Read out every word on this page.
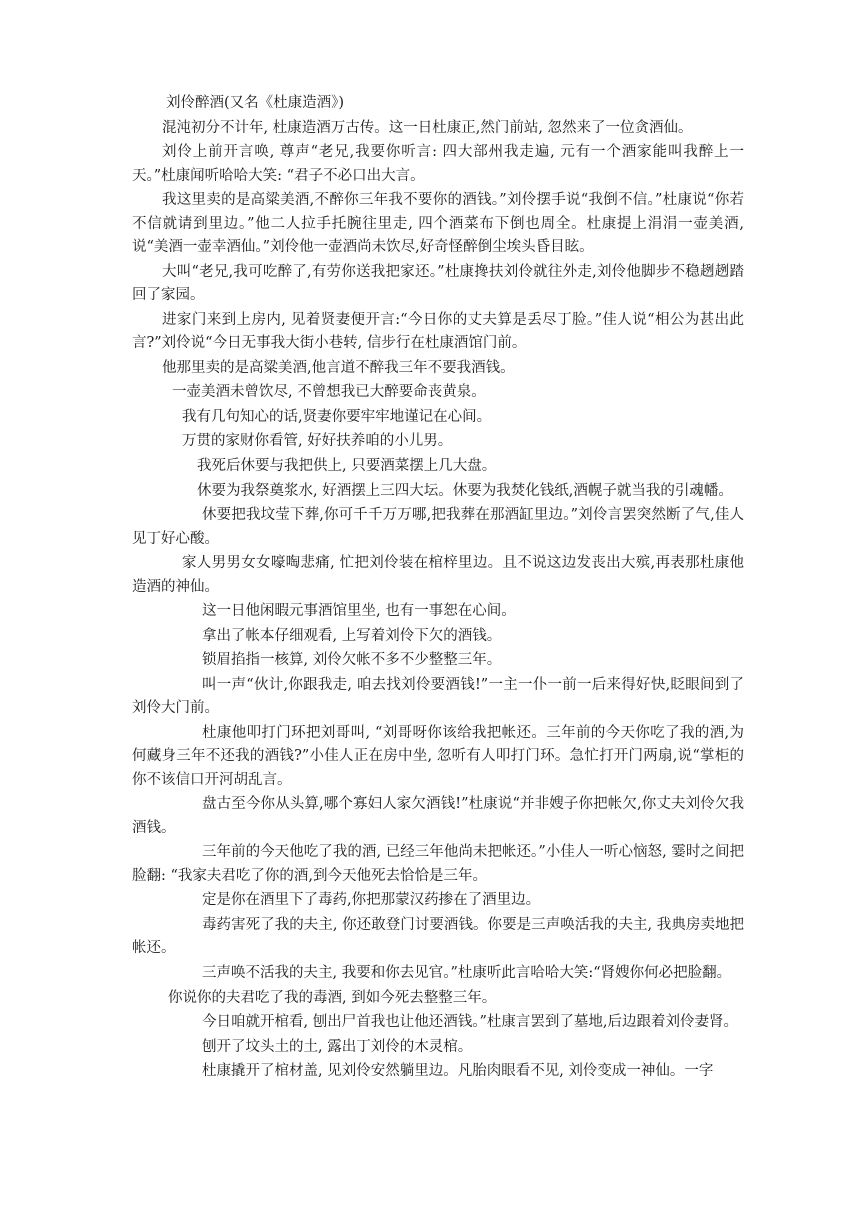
刘伶醉酒(又名《杜康造酒》)
混沌初分不计年, 杜康造酒万古传。这一日杜康正,然门前站, 忽然来了一位贪酒仙。
刘伶上前开言唤, 尊声“老兄,我要你听言: 四大部州我走遍, 元有一个酒家能叫我醉上一天。”杜康闻听哈哈大笑: “君子不必口出大言。
我这里卖的是高粱美酒,不醉你三年我不要你的酒钱。”刘伶摆手说“我倒不信。”杜康说“你若不信就请到里边。”他二人拉手托腕往里走, 四个酒菜布下倒也周全。杜康提上涓涓一壶美酒, 说“美酒一壶幸酒仙。”刘伶他一壶酒尚未饮尽,好奇怪醉倒尘埃头昏目眩。
大叫“老兄,我可吃醉了,有劳你送我把家还。”杜康搀扶刘伶就往外走,刘伶他脚步不稳趔趔踏回了家园。
进家门来到上房内, 见着贤妻便开言:“今日你的丈夫算是丢尽丁脸。”佳人说“相公为甚出此言?”刘伶说“今日无事我大街小巷转, 信步行在杜康酒馆门前。
他那里卖的是高粱美酒,他言道不醉我三年不要我酒钱。
一壶美酒未曾饮尽, 不曾想我已大醉要命丧黄泉。
我有几句知心的话,贤妻你要牢牢地谨记在心间。
万贯的家财你看管, 好好扶养咱的小儿男。
我死后休要与我把供上, 只要酒菜摆上几大盘。
休要为我祭奠浆水, 好酒摆上三四大坛。休要为我焚化钱纸,酒幌子就当我的引魂幡。
休要把我坟莹下葬,你可千千万万哪,把我葬在那酒缸里边。”刘伶言罢突然断了气,佳人见丁好心酸。
家人男男女女嚎啕悲痛, 忙把刘伶装在棺梓里边。且不说这边发丧出大殡,再表那杜康他造酒的神仙。
这一日他闲暇元事酒馆里坐, 也有一事恕在心间。
拿出了帐本仔细观看, 上写着刘伶下欠的酒钱。
锁眉掐指一核算, 刘伶欠帐不多不少整整三年。
叫一声“伙计,你跟我走, 咱去找刘伶要酒钱!”一主一仆一前一后来得好快,眨眼间到了刘伶大门前。
杜康他叩打门环把刘哥叫, “刘哥呀你该给我把帐还。三年前的今天你吃了我的酒,为何藏身三年不还我的酒钱?”小佳人正在房中坐, 忽听有人叩打门环。急忙打开门两扇,说“掌柜的你不该信口开河胡乱言。
盘古至今你从头算,哪个寡妇人家欠酒钱!”杜康说“并非嫂子你把帐欠,你丈夫刘伶欠我酒钱。
三年前的今天他吃了我的酒, 已经三年他尚未把帐还。”小佳人一听心恼怒, 霎时之间把脸翻: “我家夫君吃了你的酒,到今天他死去恰恰是三年。
定是你在酒里下了毒药,你把那蒙汉药掺在了酒里边。
毒药害死了我的夫主, 你还敢登门讨要酒钱。你要是三声唤活我的夫主, 我典房卖地把帐还。
三声唤不活我的夫主, 我要和你去见官。”杜康听此言哈哈大笑:“肾嫂你何必把脸翻。
你说你的夫君吃了我的毒酒, 到如今死去整整三年。
今日咱就开棺看, 刨出尸首我也让他还酒钱。”杜康言罢到了墓地,后边跟着刘伶妻肾。
刨开了坟头土的土, 露出丁刘伶的木灵棺。
杜康撬开了棺材盖, 见刘伶安然躺里边。凡胎肉眼看不见, 刘伶变成一神仙。一字
